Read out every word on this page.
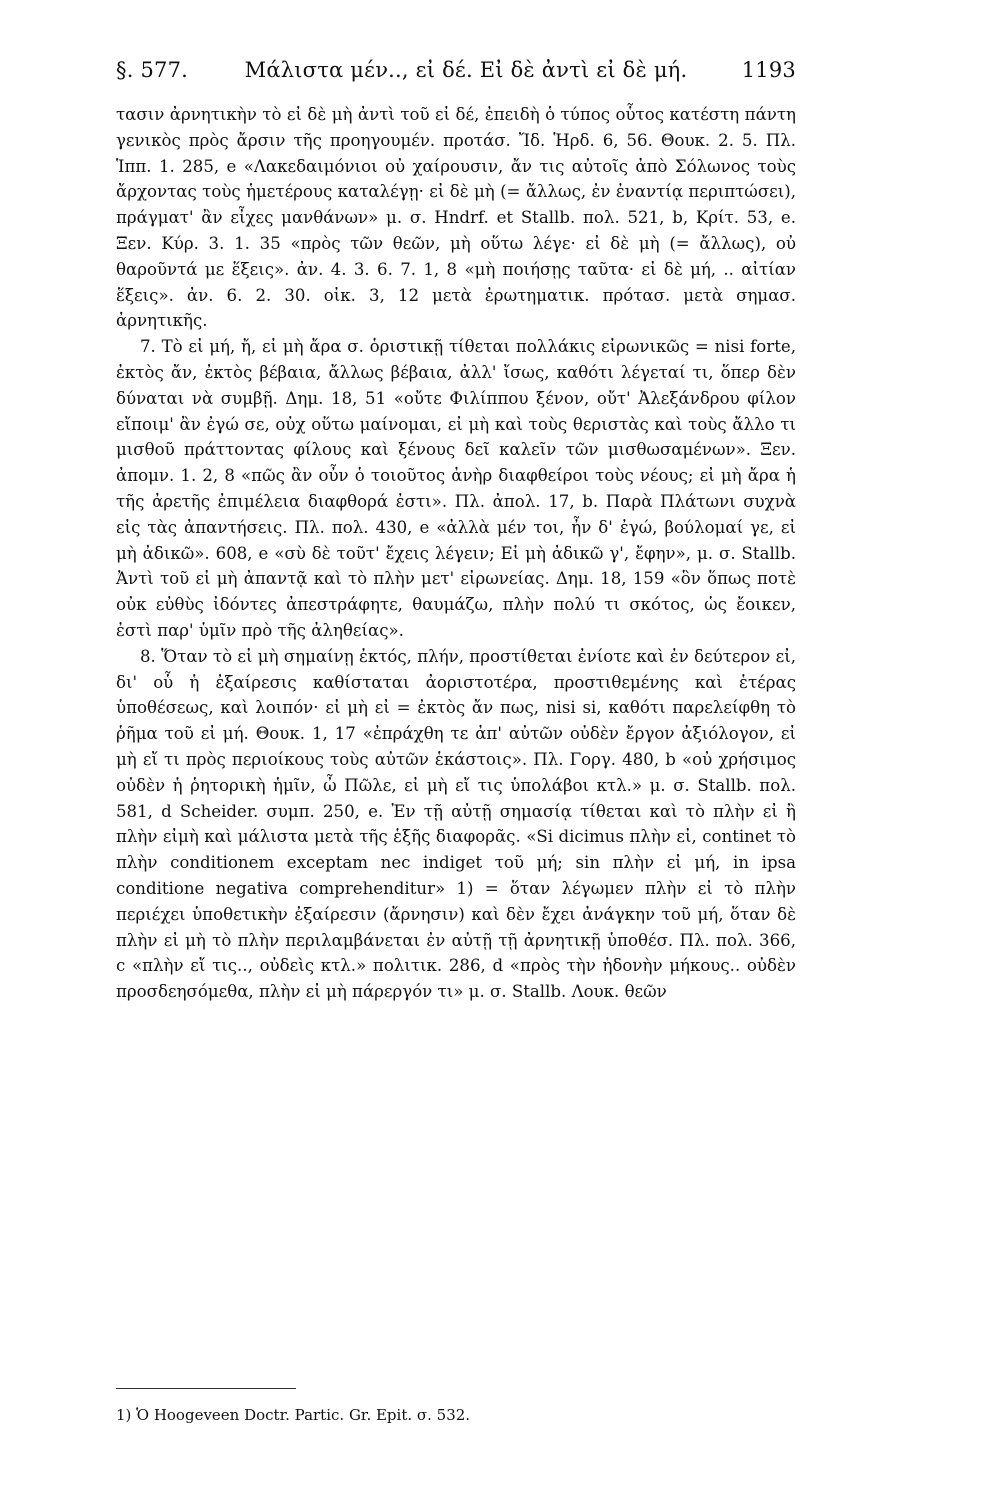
§. 577.	Μάλιστα μέν.., εἰ δέ. Εἰ δὲ ἀντὶ εἰ δὲ μή.	1193

τασιν ἀρνητικὴν τὸ εἰ δὲ μὴ ἀντὶ τοῦ εἰ δέ, ἐπειδὴ ὁ τύπος οὗτος κατέστη πάντη γενικὸς πρὸς ἄρσιν τῆς προηγουμέν. προτάσ. Ἴδ. Ἡρδ. 6, 56. Θουκ. 2. 5. Πλ. Ἱππ. 1. 285, e «Λακεδαιμόνιοι οὐ χαίρουσιν, ἄν τις αὐτοῖς ἀπὸ Σόλωνος τοὺς ἄρχοντας τοὺς ἡμετέρους καταλέγῃ· εἰ δὲ μὴ (= ἄλλως, ἐν ἐναντίᾳ περιπτώσει), πράγματ' ἂν εἶχες μανθάνων» μ. σ. Hndrf. et Stallb. πολ. 521, b, Κρίτ. 53, e. Ξεν. Κύρ. 3. 1. 35 «πρὸς τῶν θεῶν, μὴ οὕτω λέγε· εἰ δὲ μὴ (= ἄλλως), οὐ θαροῦντά με ἕξεις». ἀν. 4. 3. 6. 7. 1, 8 «μὴ ποιήσῃς ταῦτα· εἰ δὲ μή, .. αἰτίαν ἕξεις». ἀν. 6. 2. 30. οἰκ. 3, 12 μετὰ ἐρωτηματικ. πρότασ. μετὰ σημασ. ἀρνητικῆς.

7. Τὸ εἰ μή, ἤ, εἰ μὴ ἄρα σ. ὁριστικῇ τίθεται πολλάκις εἰρωνικῶς = nisi forte, ἐκτὸς ἄν, ἐκτὸς βέβαια, ἄλλως βέβαια, ἀλλ' ἴσως, καθότι λέγεταί τι, ὅπερ δὲν δύναται νὰ συμβῇ. Δημ. 18, 51 «οὔτε Φιλίππου ξένον, οὔτ' Ἀλεξάνδρου φίλον εἴποιμ' ἂν ἐγώ σε, οὐχ οὕτω μαίνομαι, εἰ μὴ καὶ τοὺς θεριστὰς καὶ τοὺς ἄλλο τι μισθοῦ πράττοντας φίλους καὶ ξένους δεῖ καλεῖν τῶν μισθωσαμένων». Ξεν. ἀπομν. 1. 2, 8 «πῶς ἂν οὖν ὁ τοιοῦτος ἀνὴρ διαφθείροι τοὺς νέους; εἰ μὴ ἄρα ἡ τῆς ἀρετῆς ἐπιμέλεια διαφθορά ἐστι». Πλ. ἀπολ. 17, b. Παρὰ Πλάτωνι συχνὰ εἰς τὰς ἀπαντήσεις. Πλ. πολ. 430, e «ἀλλὰ μέν τοι, ἦν δ' ἐγώ, βούλομαί γε, εἰ μὴ ἀδικῶ». 608, e «σὺ δὲ τοῦτ' ἔχεις λέγειν; Εἰ μὴ ἀδικῶ γ', ἔφην», μ. σ. Stallb. Ἀντὶ τοῦ εἰ μὴ ἀπαντᾷ καὶ τὸ πλὴν μετ' εἰρωνείας. Δημ. 18, 159 «ὃν ὅπως ποτὲ οὐκ εὐθὺς ἰδόντες ἀπεστράφητε, θαυμάζω, πλὴν πολύ τι σκότος, ὡς ἔοικεν, ἐστὶ παρ' ὑμῖν πρὸ τῆς ἀληθείας».

8. Ὅταν τὸ εἰ μὴ σημαίνῃ ἐκτός, πλήν, προστίθεται ἐνίοτε καὶ ἐν δεύτερον εἰ, δι' οὗ ἡ ἐξαίρεσις καθίσταται ἀοριστοτέρα, προστιθεμένης καὶ ἑτέρας ὑποθέσεως, καὶ λοιπόν· εἰ μὴ εἰ = ἐκτὸς ἄν πως, nisi si, καθότι παρελείφθη τὸ ῥῆμα τοῦ εἰ μή. Θουκ. 1, 17 «ἐπράχθη τε ἀπ' αὐτῶν οὐδὲν ἔργον ἀξιόλογον, εἰ μὴ εἴ τι πρὸς περιοίκους τοὺς αὐτῶν ἑκάστοις». Πλ. Γοργ. 480, b «οὐ χρήσιμος οὐδὲν ἡ ῥητορικὴ ἡμῖν, ὦ Πῶλε, εἰ μὴ εἴ τις ὑπολάβοι κτλ.» μ. σ. Stallb. πολ. 581, d Scheider. συμπ. 250, e. Ἐν τῇ αὐτῇ σημασίᾳ τίθεται καὶ τὸ πλὴν εἰ ἢ πλὴν εἰμὴ καὶ μάλιστα μετὰ τῆς ἑξῆς διαφορᾶς. «Si dicimus πλὴν εἰ, continet τὸ πλὴν conditionem exceptam nec indiget τοῦ μή; sin πλὴν εἰ μή, in ipsa conditione negativa comprehenditur» 1) = ὅταν λέγωμεν πλὴν εἰ τὸ πλὴν περιέχει ὑποθετικὴν ἐξαίρεσιν (ἄρνησιν) καὶ δὲν ἔχει ἀνάγκην τοῦ μή, ὅταν δὲ πλὴν εἰ μὴ τὸ πλὴν περιλαμβάνεται ἐν αὐτῇ τῇ ἀρνητικῇ ὑποθέσ. Πλ. πολ. 366, c «πλὴν εἴ τις.., οὐδεὶς κτλ.» πολιτικ. 286, d «πρὸς τὴν ἡδονὴν μήκους.. οὐδὲν προσδεησόμεθα, πλὴν εἰ μὴ πάρεργόν τι» μ. σ. Stallb. Λουκ. θεῶν

1) Ὁ Hoogeveen Doctr. Partic. Gr. Epit. σ. 532.
